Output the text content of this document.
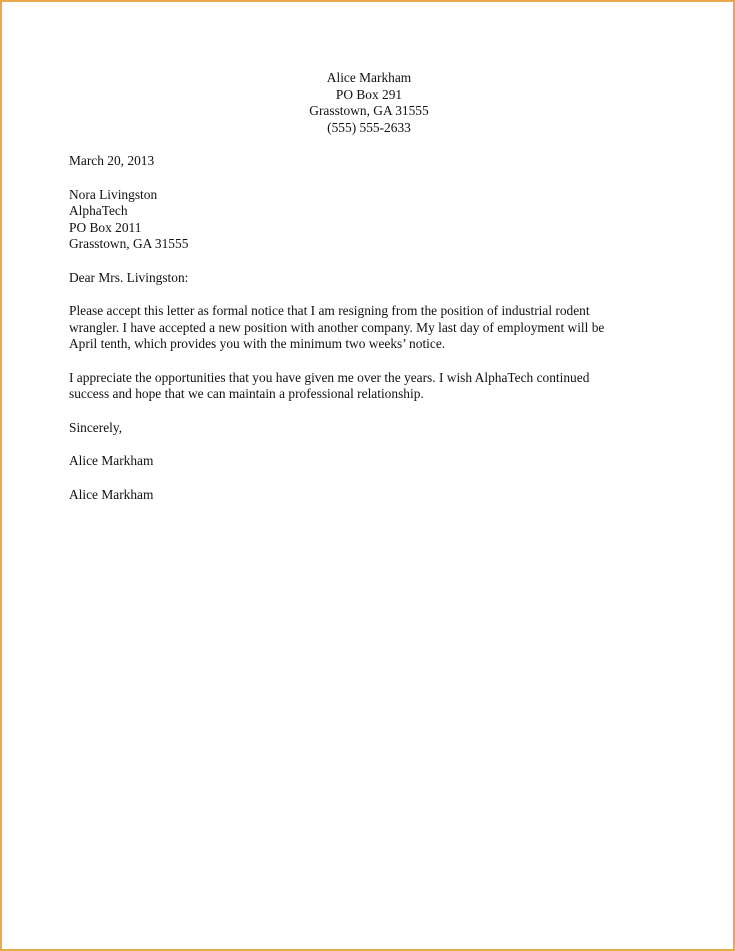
Alice Markham
PO Box 291
Grasstown, GA 31555
(555) 555-2633
March 20, 2013
Nora Livingston
AlphaTech
PO Box 2011
Grasstown, GA 31555
Dear Mrs. Livingston:
Please accept this letter as formal notice that I am resigning from the position of industrial rodent
wrangler. I have accepted a new position with another company. My last day of employment will be
April tenth, which provides you with the minimum two weeks’ notice.
I appreciate the opportunities that you have given me over the years. I wish AlphaTech continued
success and hope that we can maintain a professional relationship.
Sincerely,
Alice Markham
Alice Markham
